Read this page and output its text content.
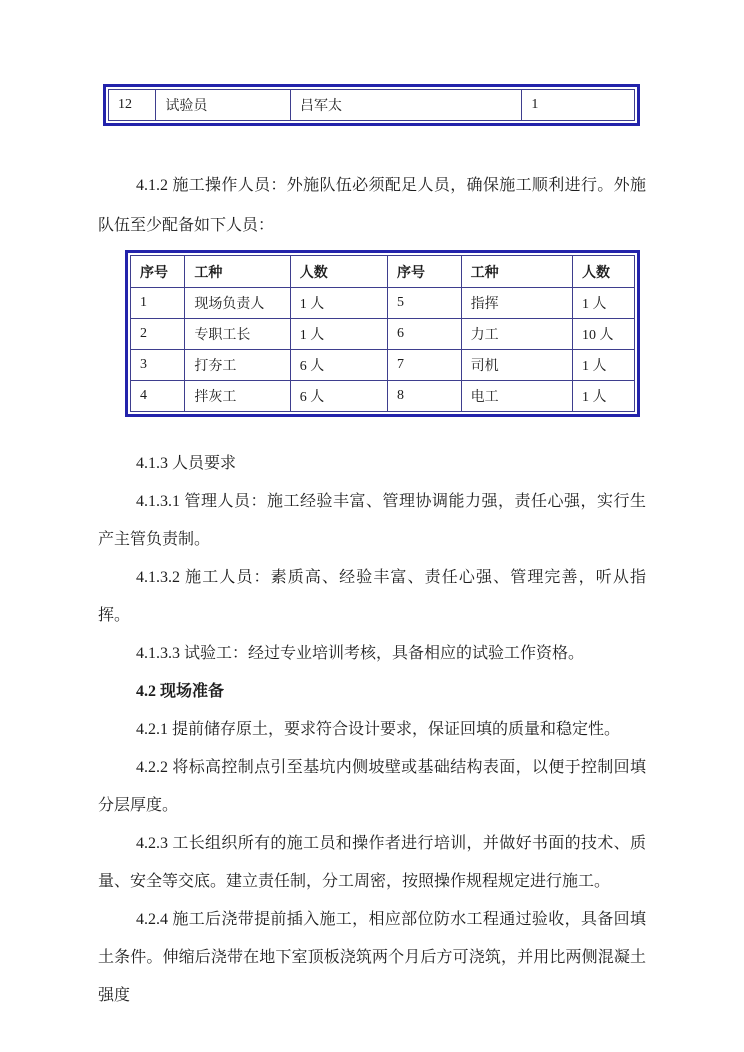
12	试验员	吕军太	1

4.1.2 施工操作人员：外施队伍必须配足人员，确保施工顺利进行。外施队伍至少配备如下人员：

序号	工种	人数	序号	工种	人数
1	现场负责人	1 人	5	指挥	1 人
2	专职工长	1 人	6	力工	10 人
3	打夯工	6 人	7	司机	1 人
4	拌灰工	6 人	8	电工	1 人

4.1.3 人员要求

4.1.3.1 管理人员：施工经验丰富、管理协调能力强，责任心强，实行生产主管负责制。

4.1.3.2 施工人员：素质高、经验丰富、责任心强、管理完善，听从指挥。

4.1.3.3 试验工：经过专业培训考核，具备相应的试验工作资格。

4.2 现场准备

4.2.1 提前储存原土，要求符合设计要求，保证回填的质量和稳定性。

4.2.2 将标高控制点引至基坑内侧坡壁或基础结构表面，以便于控制回填分层厚度。

4.2.3 工长组织所有的施工员和操作者进行培训，并做好书面的技术、质量、安全等交底。建立责任制，分工周密，按照操作规程规定进行施工。

4.2.4 施工后浇带提前插入施工，相应部位防水工程通过验收，具备回填土条件。伸缩后浇带在地下室顶板浇筑两个月后方可浇筑，并用比两侧混凝土强度
